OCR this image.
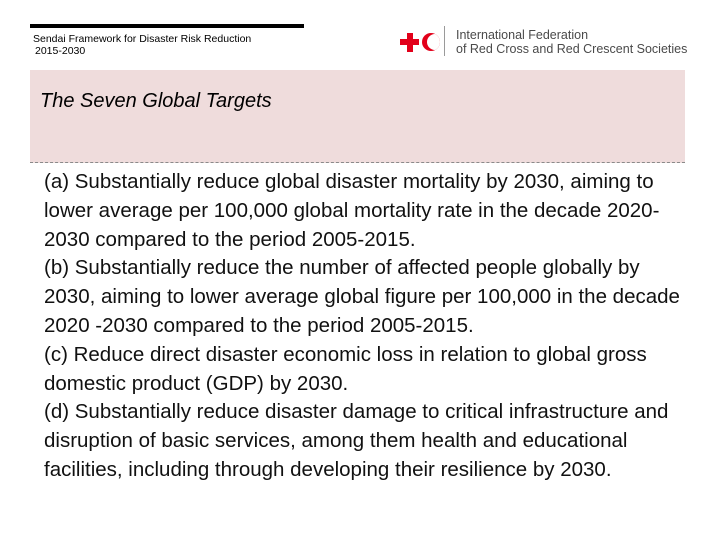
Sendai Framework for Disaster Risk Reduction
2015-2030
International Federation
of Red Cross and Red Crescent Societies
The Seven Global Targets
(a) Substantially reduce global disaster mortality by 2030, aiming to lower average per 100,000 global mortality rate in the decade 2020-2030 compared to the period 2005-2015.
(b) Substantially reduce the number of affected people globally by 2030, aiming to lower average global figure per 100,000 in the decade 2020 -2030 compared to the period 2005-2015.
(c) Reduce direct disaster economic loss in relation to global gross domestic product (GDP) by 2030.
(d) Substantially reduce disaster damage to critical infrastructure and disruption of basic services, among them health and educational facilities, including through developing their resilience by 2030.
